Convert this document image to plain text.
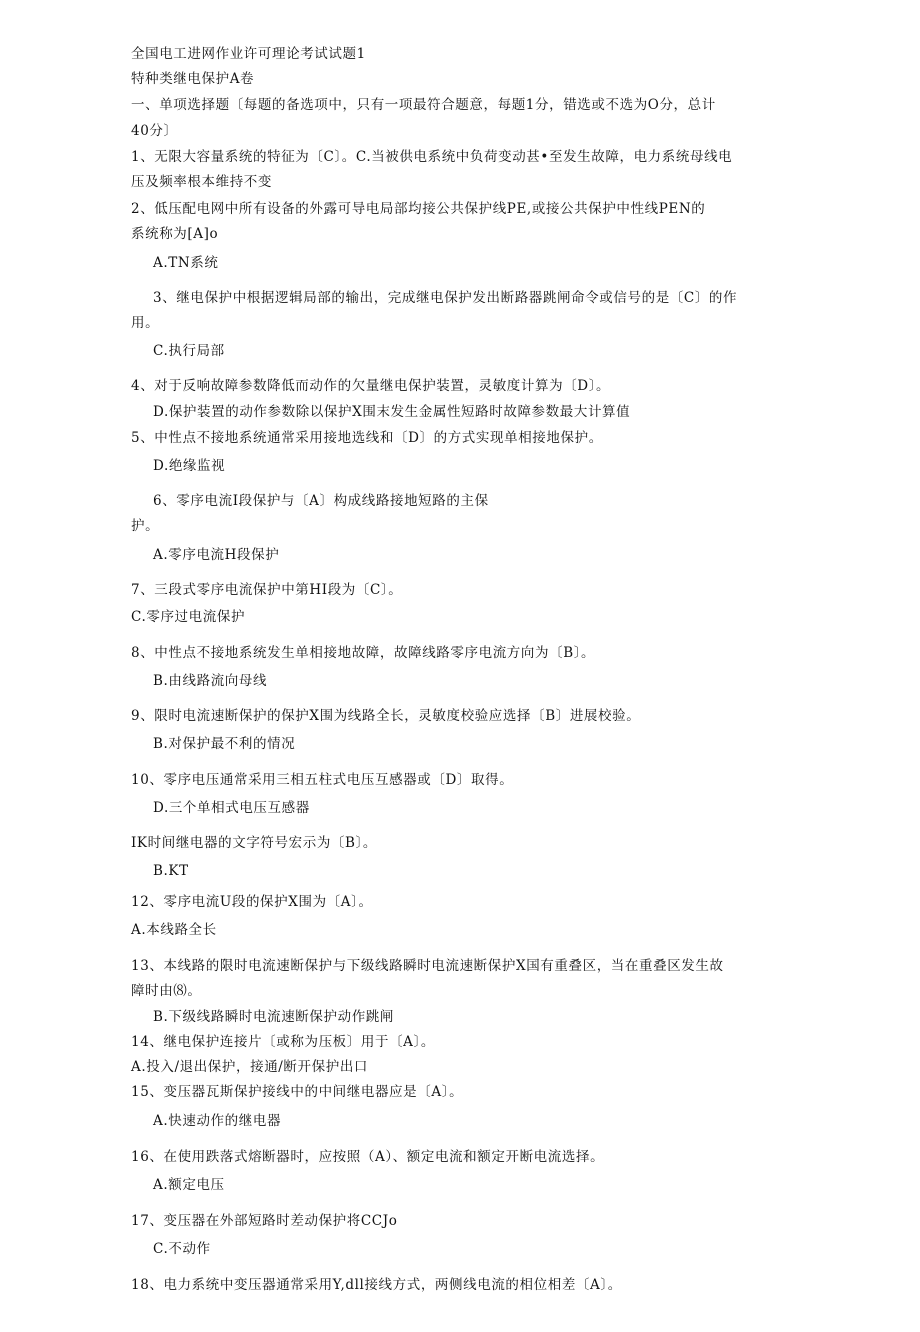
全国电工进网作业许可理论考试试题1
特种类继电保护A卷
一、单项选择题〔每题的备选项中，只有一项最符合题意，每题1分，错选或不选为O分，总计
40分〕
1、无限大容量系统的特征为〔C〕。C.当被供电系统中负荷变动甚•至发生故障，电力系统母线电
压及频率根本维持不变
2、低压配电网中所有设备的外露可导电局部均接公共保护线PE,或接公共保护中性线PEN的
系统称为[A]o
A.TN系统
3、继电保护中根据逻辑局部的输出，完成继电保护发出断路器跳闸命令或信号的是〔C〕的作
用。
C.执行局部
4、对于反响故障参数降低而动作的欠量继电保护装置，灵敏度计算为〔D〕。
D.保护装置的动作参数除以保护X围末发生金属性短路时故障参数最大计算值
5、中性点不接地系统通常采用接地选线和〔D〕的方式实现单相接地保护。
D.绝缘监视
6、零序电流I段保护与〔A〕构成线路接地短路的主保
护。
A.零序电流H段保护
7、三段式零序电流保护中第HI段为〔C〕。
C.零序过电流保护
8、中性点不接地系统发生单相接地故障，故障线路零序电流方向为〔B〕。
B.由线路流向母线
9、限时电流速断保护的保护X围为线路全长，灵敏度校验应选择〔B〕进展校验。
B.对保护最不利的情况
10、零序电压通常采用三相五柱式电压互感器或〔D〕取得。
D.三个单相式电压互感器
IK时间继电器的文字符号宏示为〔B〕。
B.KT
12、零序电流U段的保护X围为〔A〕。
A.本线路全长
13、本线路的限时电流速断保护与下级线路瞬时电流速断保护X国有重叠区，当在重叠区发生故
障时由⑻。
B.下级线路瞬时电流速断保护动作跳闸
14、继电保护连接片〔或称为压板〕用于〔A〕。
A.投入/退出保护，接通/断开保护出口
15、变压器瓦斯保护接线中的中间继电器应是〔A〕。
A.快速动作的继电器
16、在使用跌落式熔断器时，应按照（A）、额定电流和额定开断电流选择。
A.额定电压
17、变压器在外部短路时差动保护将CCJo
C.不动作
18、电力系统中变压器通常采用Y,dll接线方式，两侧线电流的相位相差〔A〕。
